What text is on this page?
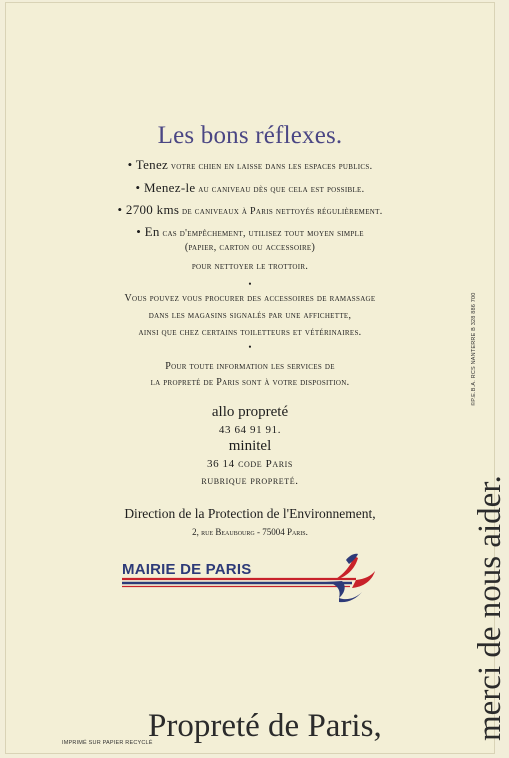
Les bons réflexes.
• Tenez votre chien en laisse dans les espaces publics.
• Menez-le au caniveau dès que cela est possible.
• 2700 kms de caniveaux à Paris nettoyés régulièrement.
• En cas d'empêchement, utilisez tout moyen simple
(papier, carton ou accessoire)
pour nettoyer le trottoir.
•
Vous pouvez vous procurer des accessoires de ramassage
dans les magasins signalés par une affichette,
ainsi que chez certains toiletteurs et vétérinaires.
•
Pour toute information les services de
la propreté de Paris sont à votre disposition.
allo propreté
43 64 91 91.
minitel
36 14 code Paris
rubrique propreté.
Direction de la Protection de l'Environnement,
2, rue Beaubourg - 75004 Paris.
MAIRIE DE PARIS
IMPRIMÉ SUR PAPIER RECYCLÉ
Propreté de Paris,	merci de nous aider.
©P.E.B.A. RCS NANTERRE B 328 886 700
